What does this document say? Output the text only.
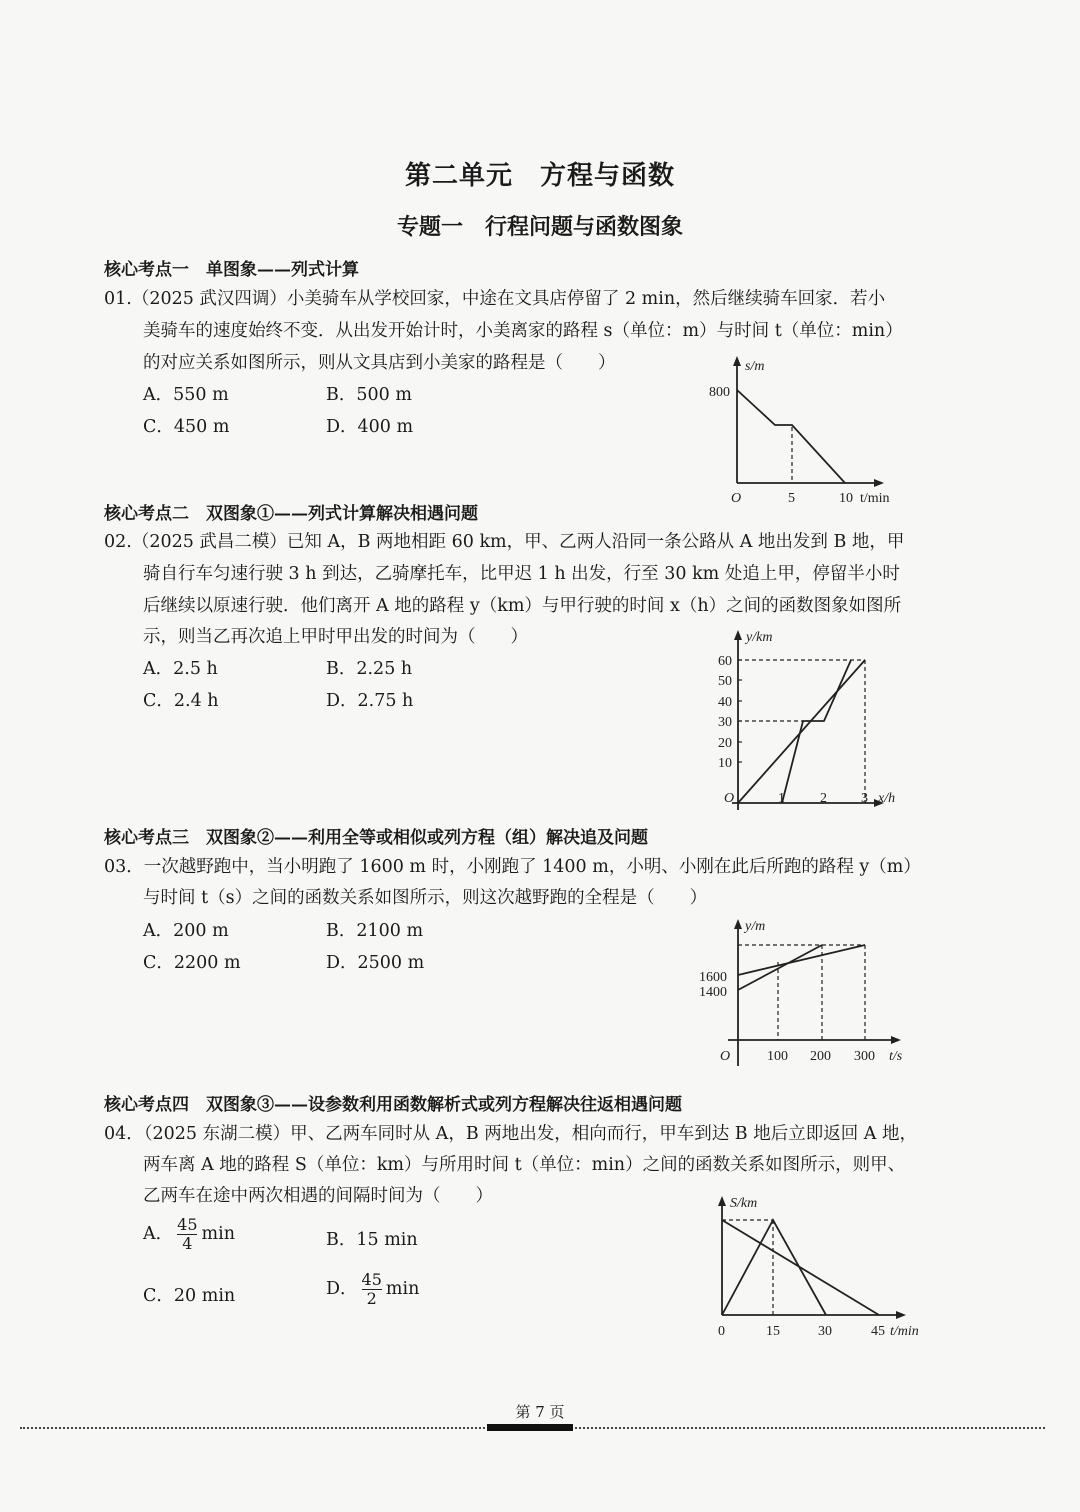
第二单元　方程与函数
专题一　行程问题与函数图象
核心考点一　单图象——列式计算
01.（2025 武汉四调）小美骑车从学校回家，中途在文具店停留了 2 min，然后继续骑车回家．若小
美骑车的速度始终不变．从出发开始计时，小美离家的路程 s（单位：m）与时间 t（单位：min）
的对应关系如图所示，则从文具店到小美家的路程是（　　）
A．550 m	B．500 m
C．450 m	D．400 m
s/m
800
O	5	10 t/min
核心考点二　双图象①——列式计算解决相遇问题
02.（2025 武昌二模）已知 A，B 两地相距 60 km，甲、乙两人沿同一条公路从 A 地出发到 B 地，甲
骑自行车匀速行驶 3 h 到达，乙骑摩托车，比甲迟 1 h 出发，行至 30 km 处追上甲，停留半小时
后继续以原速行驶．他们离开 A 地的路程 y（km）与甲行驶的时间 x（h）之间的函数图象如图所
示，则当乙再次追上甲时甲出发的时间为（　　）
A．2.5 h	B．2.25 h
C．2.4 h	D．2.75 h
y/km
60
50
40
30
20
10
O	1	2 3 x/h
核心考点三　双图象②——利用全等或相似或列方程（组）解决追及问题
03．一次越野跑中，当小明跑了 1600 m 时，小刚跑了 1400 m，小明、小刚在此后所跑的路程 y（m）
与时间 t（s）之间的函数关系如图所示，则这次越野跑的全程是（　　）
A．200 m	B．2100 m
C．2200 m	D．2500 m
y/m
1600
1400
O	100 200 300 t/s
核心考点四　双图象③——设参数利用函数解析式或列方程解决往返相遇问题
04．（2025 东湖二模）甲、乙两车同时从 A，B 两地出发，相向而行，甲车到达 B 地后立即返回 A 地，
两车离 A 地的路程 S（单位：km）与所用时间 t（单位：min）之间的函数关系如图所示，则甲、
乙两车在途中两次相遇的间隔时间为（　　）
A． $\frac{45}{4}$ min	B．15 min
C．20 min	D． $\frac{45}{2}$ min
S/km
0	15	30	45 t/min
第 7 页
